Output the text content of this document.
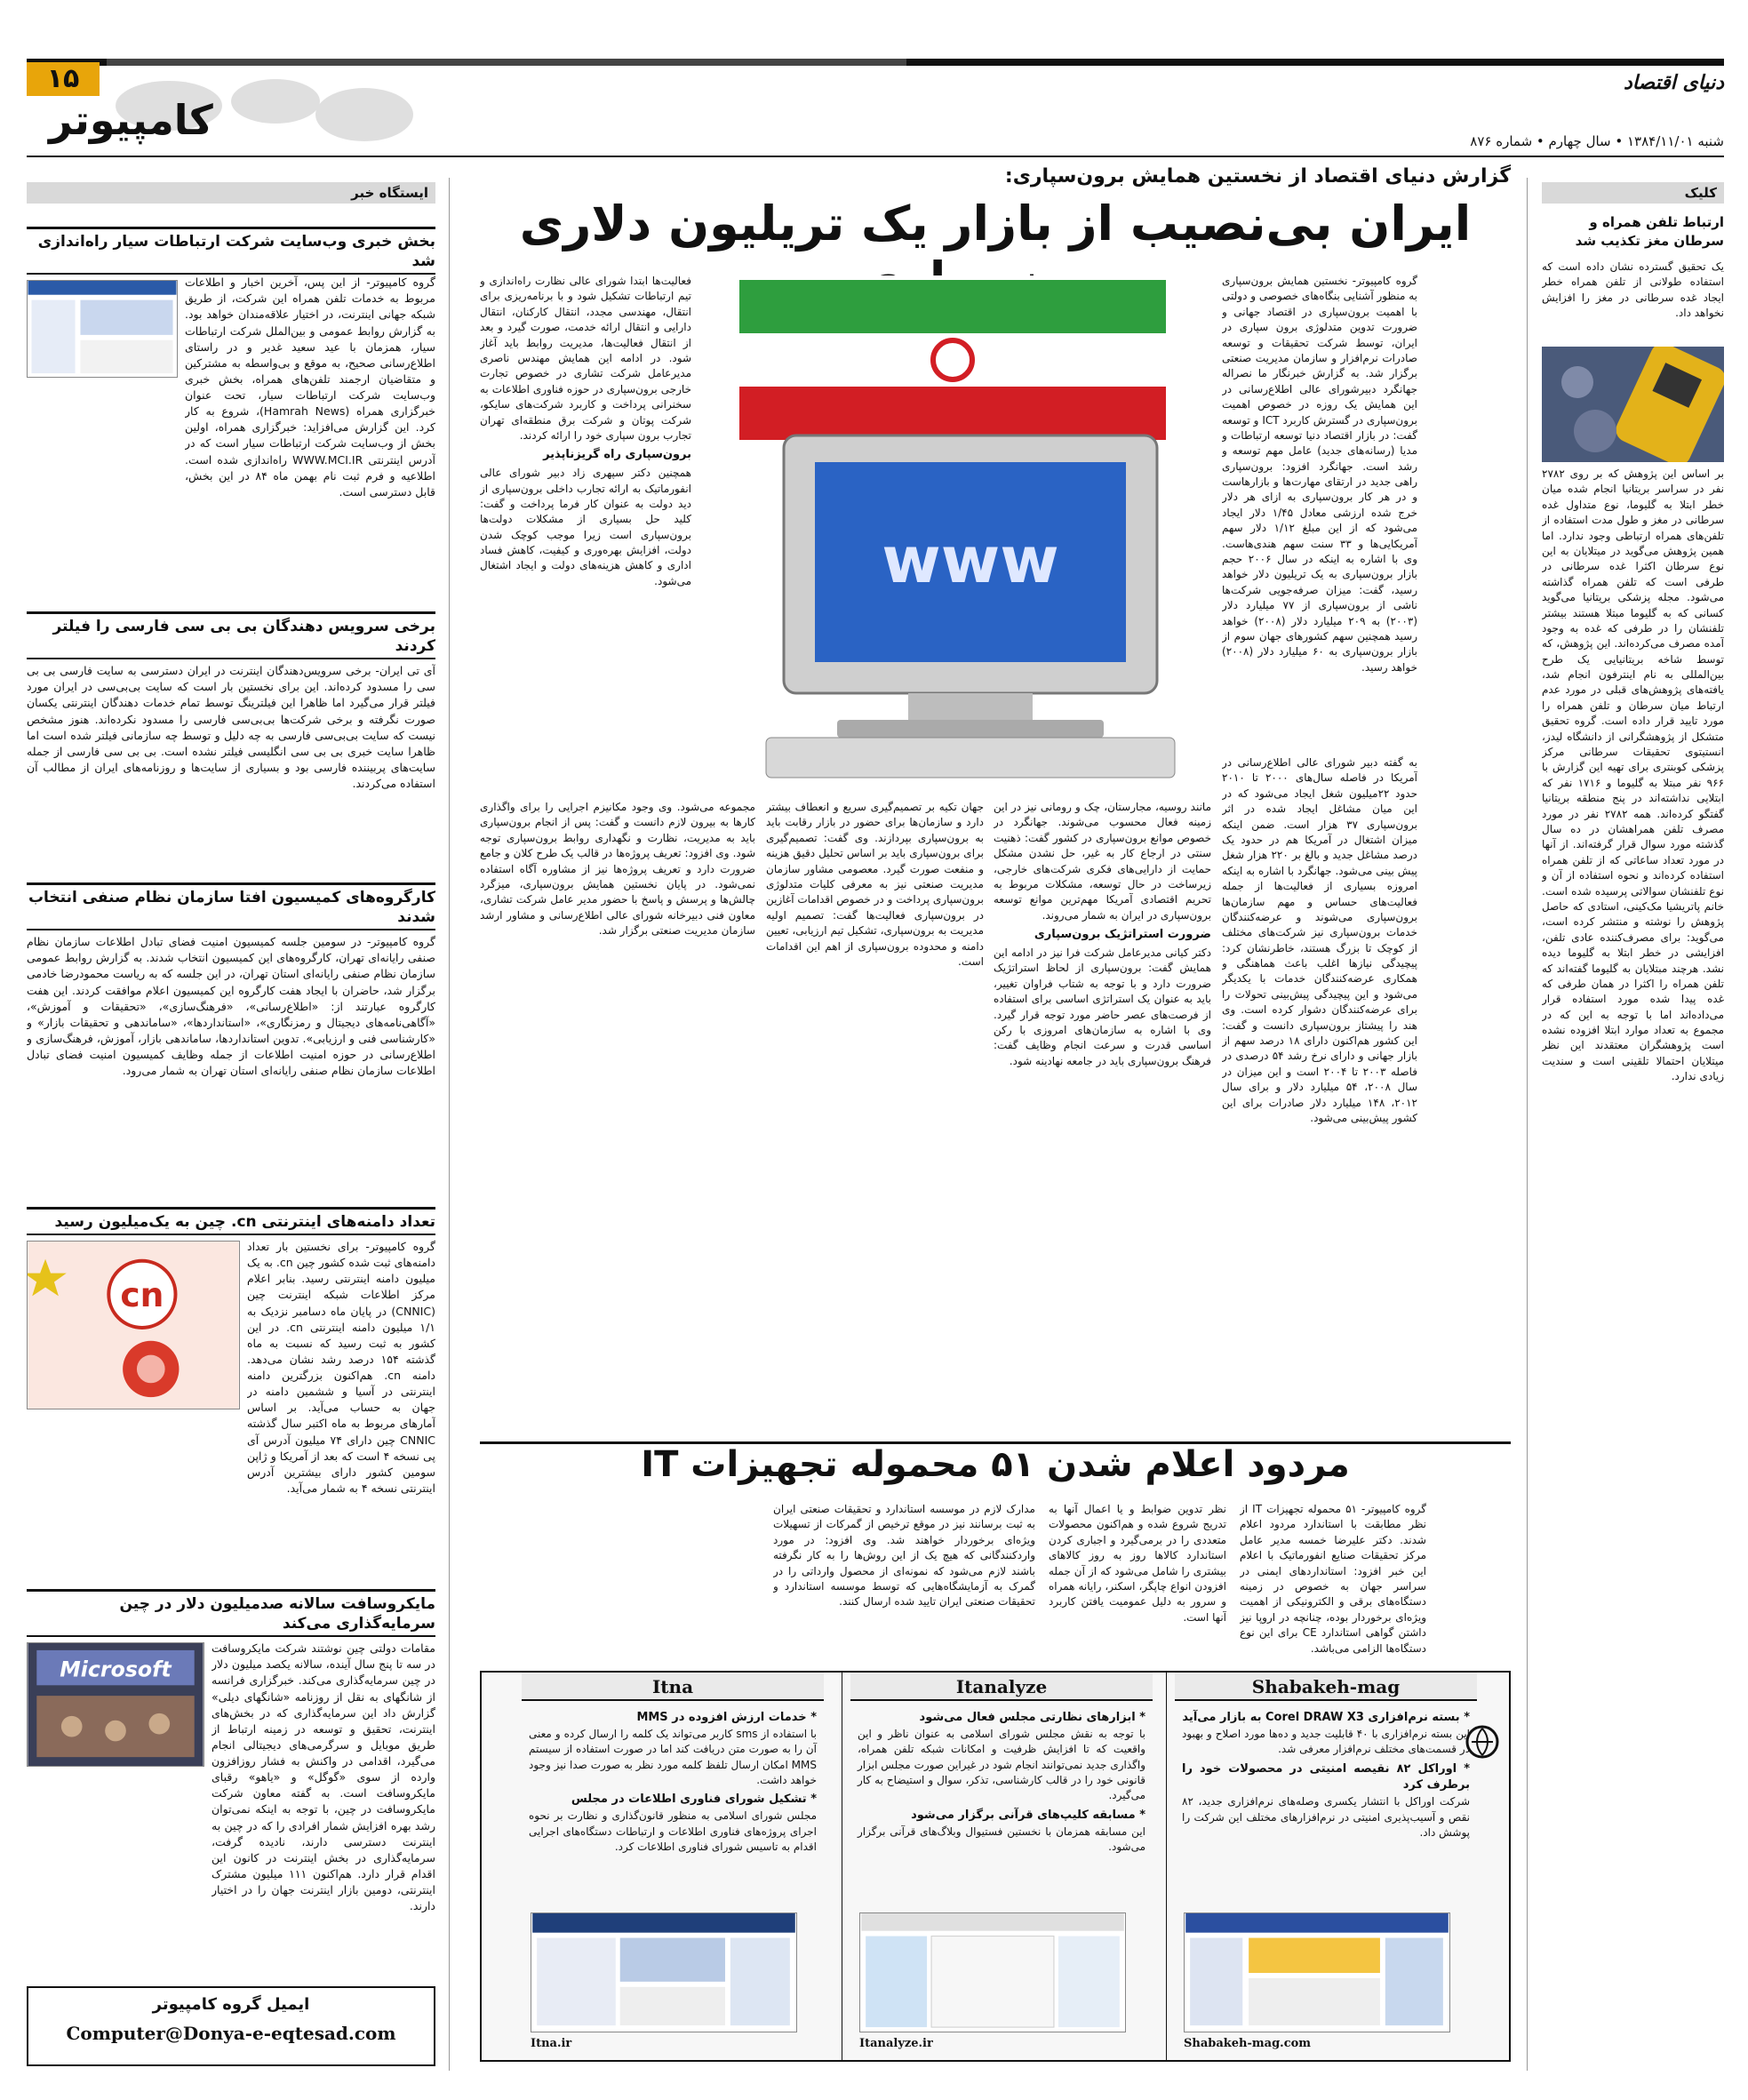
۱۵
کامپیوتر
دنیای اقتصاد
شنبه ۱۳۸۴/۱۱/۰۱ • سال چهارم • شماره ۸۷۶
کلیک
ایستگاه خبر
گزارش دنیای اقتصاد از نخستین همایش برون‌سپاری:
ایران بی‌نصیب از بازار یک تریلیون دلاری
گروه کامپیوتر- نخستین همایش برون‌سپاری به منظور آشنایی بنگاه‌های خصوصی و دولتی با اهمیت برون‌سپاری در اقتصاد جهانی و ضرورت تدوین متدلوژی برون سپاری در ایران، توسط شرکت تحقیقات و توسعه صادرات نرم‌افزار و سازمان مدیریت صنعتی برگزار شد. به گزارش خبرنگار ما نصراله جهانگرد دبیرشورای عالی اطلاع‌رسانی در این همایش یک روزه در خصوص اهمیت برون‌سپاری در گسترش کاربرد ICT و توسعه گفت: در بازار اقتصاد دنیا توسعه ارتباطات و مدیا (رسانه‌های جدید) عامل مهم توسعه و رشد است. جهانگرد افزود: برون‌سپاری راهی جدید در ارتقای مهارت‌ها و بازارهاست و در هر کار برون‌سپاری به ازای هر دلار خرج شده ارزشی معادل ۱/۴۵ دلار ایجاد می‌شود که از این مبلغ ۱/۱۲ دلار سهم آمریکایی‌ها و ۳۳ سنت سهم هندی‌هاست. وی با اشاره به اینکه در سال ۲۰۰۶ حجم بازار برون‌سپاری به یک تریلیون دلار خواهد رسید، گفت: میزان صرفه‌جویی شرکت‌ها ناشی از برون‌سپاری از ۷۷ میلیارد دلار (۲۰۰۳) به ۲۰۹ میلیارد دلار (۲۰۰۸) خواهد رسید همچنین سهم کشورهای جهان سوم از بازار برون‌سپاری به ۶۰ میلیارد دلار (۲۰۰۸) خواهد رسید.
فعالیت‌ها ابتدا شورای عالی نظارت راه‌اندازی و تیم ارتباطات تشکیل شود و با برنامه‌ریزی برای انتقال، مهندسی مجدد، انتقال کارکنان، انتقال دارایی و انتقال ارائه خدمت، صورت گیرد و بعد از انتقال فعالیت‌ها، مدیریت روابط باید آغاز شود. در ادامه این همایش مهندس ناصری مدیرعامل شرکت تشاری در خصوص تجارت خارجی برون‌سپاری در حوزه فناوری اطلاعات به سخنرانی پرداخت و کاربرد شرکت‌های سایکو، شرکت پوتان و شرکت برق منطقه‌ای تهران تجارب برون سپاری خود را ارائه کردند.
برون‌سپاری راه گریزناپذیر
همچنین دکتر سپهری زاد دبیر شورای عالی انفورماتیک به ارائه تجارب داخلی برون‌سپاری از دید دولت به عنوان کار فرما پرداخت و گفت: کلید حل بسیاری از مشکلات دولت‌ها برون‌سپاری است زیرا موجب کوچک شدن دولت، افزایش بهره‌وری و کیفیت، کاهش فساد اداری و کاهش هزینه‌های دولت و ایجاد اشتغال می‌شود.	www
به گفته دبیر شورای عالی اطلاع‌رسانی در آمریکا در فاصله سال‌های ۲۰۰۰ تا ۲۰۱۰ حدود ۲۲میلیون شغل ایجاد می‌شود که در این میان مشاغل ایجاد شده در اثر برون‌سپاری ۳۷ هزار است. ضمن اینکه میزان اشتغال در آمریکا هم در حدود یک درصد مشاغل جدید و بالغ بر ۲۲۰ هزار شغل پیش بینی می‌شود. جهانگرد با اشاره به اینکه امروزه بسیاری از فعالیت‌ها از جمله فعالیت‌های حساس و مهم سازمان‌ها برون‌سپاری می‌شوند و عرضه‌کنندگان خدمات برون‌سپاری نیز شرکت‌های مختلف از کوچک تا بزرگ هستند، خاطرنشان کرد: پیچیدگی نیازها اغلب باعث هماهنگی و همکاری عرضه‌کنندگان خدمات با یکدیگر می‌شود و این پیچیدگی پیش‌بینی تحولات را برای عرضه‌کنندگان دشوار کرده است. وی هند را پیشتاز برون‌سپاری دانست و گفت: این کشور هم‌اکنون دارای ۱۸ درصد سهم از بازار جهانی و دارای نرخ رشد ۵۴ درصدی در فاصله ۲۰۰۳ تا ۲۰۰۴ است و این میزان در سال ۲۰۰۸، ۵۴ میلیارد دلار و برای سال ۲۰۱۲، ۱۴۸ میلیارد دلار صادرات برای این کشور پیش‌بینی می‌شود.
مانند روسیه، مجارستان، چک و رومانی نیز در این زمینه فعال محسوب می‌شوند. جهانگرد در خصوص موانع برون‌سپاری در کشور گفت: ذهنیت سنتی در ارجاع کار به غیر، حل نشدن مشکل حمایت از دارایی‌های فکری شرکت‌های خارجی، زیرساخت در حال توسعه، مشکلات مربوط به تحریم اقتصادی آمریکا مهم‌ترین موانع توسعه برون‌سپاری در ایران به شمار می‌روند.
ضرورت استراتژیک برون‌سپاری
دکتر کیانی مدیرعامل شرکت فرا نیز در ادامه این همایش گفت: برون‌سپاری از لحاظ استراتژیک ضرورت دارد و با توجه به شتاب فراوان تغییر، باید به عنوان یک استراتژی اساسی برای استفاده از فرصت‌های عصر حاضر مورد توجه قرار گیرد. وی با اشاره به سازمان‌های امروزی با رکن اساسی قدرت و سرعت انجام وظایف گفت: فرهنگ برون‌سپاری باید در جامعه نهادینه شود.
جهان تکیه بر تصمیم‌گیری سریع و انعطاف بیشتر دارد و سازمان‌ها برای حضور در بازار رقابت باید به برون‌سپاری بپردازند. وی گفت: تصمیم‌گیری برای برون‌سپاری باید بر اساس تحلیل دقیق هزینه و منفعت صورت گیرد. معصومی مشاور سازمان مدیریت صنعتی نیز به معرفی کلیات متدلوژی برون‌سپاری پرداخت و در خصوص اقدامات آغازین در برون‌سپاری فعالیت‌ها گفت: تصمیم اولیه مدیریت به برون‌سپاری، تشکیل تیم ارزیابی، تعیین دامنه و محدوده برون‌سپاری از اهم این اقدامات است.
مجموعه می‌شود. وی وجود مکانیزم اجرایی را برای واگذاری کارها به بیرون لازم دانست و گفت: پس از انجام برون‌سپاری باید به مدیریت، نظارت و نگهداری روابط برون‌سپاری توجه شود. وی افزود: تعریف پروژه‌ها در قالب یک طرح کلان و جامع ضرورت دارد و تعریف پروژه‌ها نیز از مشاوره آگاه استفاده نمی‌شود. در پایان نخستین همایش برون‌سپاری، میزگرد چالش‌ها و پرسش و پاسخ با حضور مدیر عامل شرکت تشاری، معاون فنی دبیرخانه شورای عالی اطلاع‌رسانی و مشاور ارشد سازمان مدیریت صنعتی برگزار شد.
مردود اعلام شدن ۵۱ محموله تجهیزات IT
گروه کامپیوتر- ۵۱ محموله تجهیزات IT از نظر مطابقت با استاندارد مردود اعلام شدند. دکتر علیرضا خمسه مدیر عامل مرکز تحقیقات صنایع انفورماتیک با اعلام این خبر افزود: استانداردهای ایمنی در سراسر جهان به خصوص در زمینه دستگاه‌های برقی و الکترونیکی از اهمیت ویژه‌ای برخوردار بوده، چنانچه در اروپا نیز داشتن گواهی استاندارد CE برای این نوع دستگاه‌ها الزامی می‌باشد.
نظر تدوین ضوابط و یا اعمال آنها به تدریج شروع شده و هم‌اکنون محصولات متعددی را در برمی‌گیرد و اجباری کردن استاندارد کالاها روز به روز کالاهای بیشتری را شامل می‌شود که از آن جمله افزودن انواع چاپگر، اسکنر، رایانه همراه و سرور به دلیل عمومیت یافتن کاربرد آنها است.
مدارک لازم در موسسه استاندارد و تحقیقات صنعتی ایران به ثبت برسانند نیز در موقع ترخیص از گمرکات از تسهیلات ویژه‌ای برخوردار خواهند شد. وی افزود: در مورد واردکنندگانی که هیچ یک از این روش‌ها را به کار نگرفته باشند لازم می‌شود که نمونه‌ای از محصول وارداتی را در گمرک به آزمایشگاه‌هایی که توسط موسسه استاندارد و تحقیقات صنعتی ایران تایید شده ارسال کنند.
Shabakeh-mag
* بسته نرم‌افزاری Corel DRAW X3 به بازار می‌آید
این بسته نرم‌افزاری با ۴۰ قابلیت جدید و ده‌ها مورد اصلاح و بهبود در قسمت‌های مختلف نرم‌افزار معرفی شد.
* اوراکل ۸۲ نقیصه امنیتی در محصولات خود را برطرف کرد
شرکت اوراکل با انتشار یکسری وصله‌های نرم‌افزاری جدید، ۸۲ نقص و آسیب‌پذیری امنیتی در نرم‌افزارهای مختلف این شرکت را پوشش داد.
Shabakeh-mag.com
Itanalyze
* ابزارهای نظارتی مجلس فعال می‌شود
با توجه به نقش مجلس شورای اسلامی به عنوان ناظر و این واقعیت که تا افزایش ظرفیت و امکانات شبکه تلفن همراه، واگذاری جدید نمی‌توانند انجام شود در غیراین صورت مجلس ابزار قانونی خود را در قالب کارشناسی، تذکر، سوال و استیضاح به کار می‌گیرد.
* مسابقه کلیپ‌های قرآنی برگزار می‌شود
این مسابقه همزمان با نخستین فستیوال وبلاگ‌های قرآنی برگزار می‌شود.
Itanalyze.ir
Itna
* خدمات ارزش افزوده در MMS
با استفاده از sms کاربر می‌تواند یک کلمه را ارسال کرده و معنی آن را به صورت متن دریافت کند اما در صورت استفاده از سیستم MMS امکان ارسال تلفظ کلمه مورد نظر به صورت صدا نیز وجود خواهد داشت.
* تشکیل شورای فناوری اطلاعات در مجلس
مجلس شورای اسلامی به منظور قانون‌گذاری و نظارت بر نحوه اجرای پروژه‌های فناوری اطلاعات و ارتباطات دستگاه‌های اجرایی اقدام به تاسیس شورای فناوری اطلاعات کرد.
Itna.ir
ارتباط تلفن همراه و سرطان مغز تکذیب شد
یک تحقیق گسترده نشان داده است که استفاده طولانی از تلفن همراه خطر ایجاد غده سرطانی در مغز را افزایش نخواهد داد.
بر اساس این پژوهش که بر روی ۲۷۸۲ نفر در سراسر بریتانیا انجام شده میان خطر ابتلا به گلیوما، نوع متداول غده سرطانی در مغز و طول مدت استفاده از تلفن‌های همراه ارتباطی وجود ندارد. اما همین پژوهش می‌گوید در میتلایان به این نوع سرطان اکثرا غده سرطانی در طرفی است که تلفن همراه گذاشته می‌شود. مجله پزشکی بریتانیا می‌گوید کسانی که به گلیوما مبتلا هستند بیشتر تلفنشان را در طرفی که غده به وجود آمده مصرف می‌کرده‌اند. این پژوهش، که توسط شاخه بریتانیایی یک طرح بین‌المللی به نام اینترفون انجام شد، یافته‌های پژوهش‌های قبلی در مورد عدم ارتباط میان سرطان و تلفن همراه را مورد تایید قرار داده است. گروه تحقیق متشکل از پژوهشگرانی از دانشگاه لیدز، انستیتوی تحقیقات سرطانی مرکز پزشکی کوبنتری برای تهیه این گزارش با ۹۶۶ نفر مبتلا به گلیوما و ۱۷۱۶ نفر که ابتلایی نداشته‌اند در پنج منطقه بریتانیا گفتگو کرده‌اند. همه ۲۷۸۲ نفر در مورد مصرف تلفن همراهشان در ده سال گذشته مورد سوال قرار گرفته‌اند. از آنها در مورد تعداد ساعاتی که از تلفن همراه استفاده کرده‌اند و نحوه استفاده از آن و نوع تلفنشان سوالاتی پرسیده شده است. خانم پاتریشیا مک‌کینی، استادی که حاصل پژوهش را نوشته و منتشر کرده است، می‌گوید: برای مصرف‌کننده عادی تلفن، افزایشی در خطر ابتلا به گلیوما دیده نشد. هرچند مبتلایان به گلیوما گفته‌اند که تلفن همراه را اکثرا در همان طرفی که غده پیدا شده مورد استفاده قرار می‌داده‌اند اما با توجه به این که در مجموع به تعداد موارد ابتلا افزوده نشده است پژوهشگران معتقدند این نظر میتلایان احتمالا تلقینی است و سندیت زیادی ندارد.
بخش خبری وب‌سایت شرکت ارتباطات سیار راه‌اندازی شد
گروه کامپیوتر- از این پس، آخرین اخبار و اطلاعات مربوط به خدمات تلفن همراه این شرکت، از طریق شبکه جهانی اینترنت، در اختیار علاقه‌مندان خواهد بود. به گزارش روابط عمومی و بین‌الملل شرکت ارتباطات سیار، همزمان با عید سعید غدیر و در راستای اطلاع‌رسانی صحیح، به موقع و بی‌واسطه به مشترکین و متقاضیان ارجمند تلفن‌های همراه، بخش خبری وب‌سایت شرکت ارتباطات سیار، تحت عنوان خبرگزاری همراه (Hamrah News)، شروع به کار کرد. این گزارش می‌افزاید: خبرگزاری همراه، اولین بخش از وب‌سایت شرکت ارتباطات سیار است که در آدرس اینترنتی WWW.MCI.IR راه‌اندازی شده است. اطلاعیه و فرم ثبت نام بهمن ماه ۸۴ در این بخش، قابل دسترسی است.
برخی سرویس دهندگان بی بی سی فارسی را فیلتر کردند
آی تی ایران- برخی سرویس‌دهندگان اینترنت در ایران دسترسی به سایت فارسی بی بی سی را مسدود کرده‌اند. این برای نخستین بار است که سایت بی‌بی‌سی در ایران مورد فیلتر قرار می‌گیرد اما ظاهرا این فیلترینگ توسط تمام خدمات دهندگان اینترنتی یکسان صورت نگرفته و برخی شرکت‌ها بی‌بی‌سی فارسی را مسدود نکرده‌اند. هنوز مشخص نیست که سایت بی‌بی‌سی فارسی به چه دلیل و توسط چه سازمانی فیلتر شده است اما ظاهرا سایت خبری بی بی سی انگلیسی فیلتر نشده است. بی بی سی فارسی از جمله سایت‌های پربیننده فارسی بود و بسیاری از سایت‌ها و روزنامه‌های ایران از مطالب آن استفاده می‌کردند.
کارگروه‌های کمیسیون افتا سازمان نظام صنفی انتخاب شدند
گروه کامپیوتر- در سومین جلسه کمیسیون امنیت فضای تبادل اطلاعات سازمان نظام صنفی رایانه‌ای تهران، کارگروه‌های این کمیسیون انتخاب شدند. به گزارش روابط عمومی سازمان نظام صنفی رایانه‌ای استان تهران، در این جلسه که به ریاست محمودرضا خادمی برگزار شد، حاضران با ایجاد هفت کارگروه این کمیسیون اعلام موافقت کردند. این هفت کارگروه عبارتند از: «اطلاع‌رسانی»، «فرهنگ‌سازی»، «تحقیقات و آموزش»، «آگاهی‌نامه‌های دیجیتال و رمزنگاری»، «استانداردها»، «ساماندهی و تحقیقات بازار» و «کارشناسی فنی و ارزیابی». تدوین استانداردها، ساماندهی بازار، آموزش، فرهنگ‌سازی و اطلاع‌رسانی در حوزه امنیت اطلاعات از جمله وظایف کمیسیون امنیت فضای تبادل اطلاعات سازمان نظام صنفی رایانه‌ای استان تهران به شمار می‌رود.
تعداد دامنه‌های اینترنتی cn. چین به یک‌میلیون رسید
cn
گروه کامپیوتر- برای نخستین بار تعداد دامنه‌های ثبت شده کشور چین cn. به یک میلیون دامنه اینترنتی رسید. بنابر اعلام مرکز اطلاعات شبکه اینترنت چین (CNNIC) در پایان ماه دسامبر نزدیک به ۱/۱ میلیون دامنه اینترنتی cn. در این کشور به ثبت رسید که نسبت به ماه گذشته ۱۵۴ درصد رشد نشان می‌دهد. دامنه cn. هم‌اکنون بزرگترین دامنه اینترنتی در آسیا و ششمین دامنه در جهان به حساب می‌آید. بر اساس آمارهای مربوط به ماه اکتبر سال گذشته CNNIC چین دارای ۷۴ میلیون آدرس آی پی نسخه ۴ است که بعد از آمریکا و ژاپن سومین کشور دارای بیشترین آدرس اینترنتی نسخه ۴ به شمار می‌آید.
مایکروسافت سالانه صدمیلیون دلار در چین سرمایه‌گذاری می‌کند
Microsoft
مقامات دولتی چین نوشتند شرکت مایکروسافت در سه تا پنج سال آینده، سالانه یکصد میلیون دلار در چین سرمایه‌گذاری می‌کند. خبرگزاری فرانسه از شانگهای به نقل از روزنامه «شانگهای دیلی» گزارش داد این سرمایه‌گذاری که در بخش‌های اینترنت، تحقیق و توسعه در زمینه ارتباط از طریق موبایل و سرگرمی‌های دیجیتالی انجام می‌گیرد، اقدامی در واکنش به فشار روزافزون وارده از سوی «گوگل» و «یاهو» رقبای مایکروسافت است. به گفته معاون شرکت مایکروسافت در چین، با توجه به اینکه نمی‌توان رشد بهره افزایش شمار افرادی را که در چین به اینترنت دسترسی دارند، نادیده گرفت، سرمایه‌گذاری در بخش اینترنت در کانون این اقدام قرار دارد. هم‌اکنون ۱۱۱ میلیون مشترک اینترنتی، دومین بازار اینترنت جهان را در اختیار دارند.
ایمیل گروه کامپیوتر
Computer@Donya-e-eqtesad.com
